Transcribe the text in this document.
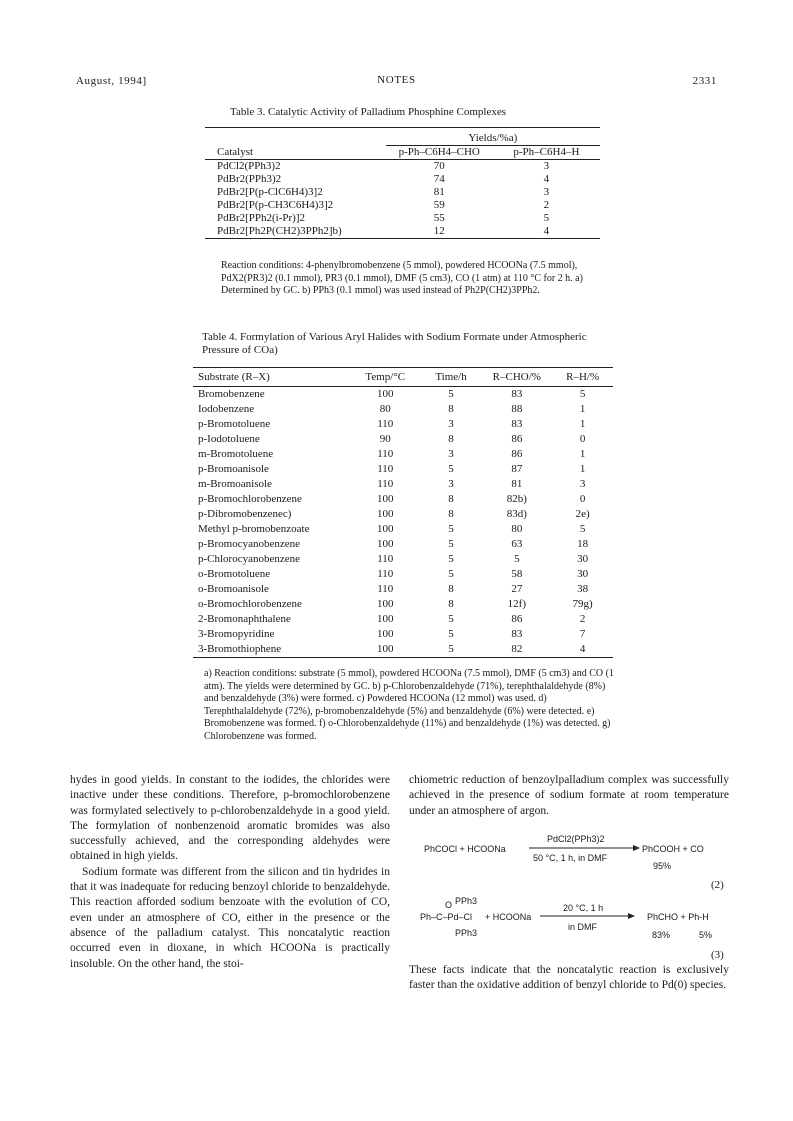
August, 1994]	NOTES	2331
Table 3. Catalytic Activity of Palladium Phosphine Complexes

	Yields/%a)	
Catalyst	p-Ph–C6H4–CHO	p-Ph–C6H4–H
PdCl2(PPh3)2	70	3
PdBr2(PPh3)2	74	4
PdBr2[P(p-ClC6H4)3]2	81	3
PdBr2[P(p-CH3C6H4)3]2	59	2
PdBr2[PPh2(i-Pr)]2	55	5
PdBr2[Ph2P(CH2)3PPh2]b)	12	4
Reaction conditions: 4-phenylbromobenzene (5 mmol), powdered HCOONa (7.5 mmol), PdX2(PR3)2 (0.1 mmol), PR3 (0.1 mmol), DMF (5 cm3), CO (1 atm) at 110 °C for 2 h. a) Determined by GC. b) PPh3 (0.1 mmol) was used instead of Ph2P(CH2)3PPh2.
Table 4. Formylation of Various Aryl Halides with Sodium Formate under Atmospheric Pressure of COa)
Substrate (R–X)	Temp/°C	Time/h	R–CHO/%	R–H/%
Bromobenzene	100	5	83	5
Iodobenzene	80	8	88	1
p-Bromotoluene	110	3	83	1
p-Iodotoluene	90	8	86	0
m-Bromotoluene	110	3	86	1
p-Bromoanisole	110	5	87	1
m-Bromoanisole	110	3	81	3
p-Bromochlorobenzene	100	8	82b)	0
p-Dibromobenzenec)	100	8	83d)	2e)
Methyl p-bromobenzoate	100	5	80	5
p-Bromocyanobenzene	100	5	63	18
p-Chlorocyanobenzene	110	5	5	30
o-Bromotoluene	110	5	58	30
o-Bromoanisole	110	8	27	38
o-Bromochlorobenzene	100	8	12f)	79g)
2-Bromonaphthalene	100	5	86	2
3-Bromopyridine	100	5	83	7
3-Bromothiophene	100	5	82	4
a) Reaction conditions: substrate (5 mmol), powdered HCOONa (7.5 mmol), DMF (5 cm3) and CO (1 atm). The yields were determined by GC. b) p-Chlorobenzaldehyde (71%), terephthalaldehyde (8%) and benzaldehyde (3%) were formed. c) Powdered HCOONa (12 mmol) was used. d) Terephthalaldehyde (72%), p-bromobenzaldehyde (5%) and benzaldehyde (6%) were detected. e) Bromobenzene was formed. f) o-Chlorobenzaldehyde (11%) and benzaldehyde (1%) was detected. g) Chlorobenzene was formed.

hydes in good yields. In constant to the iodides, the chlorides were inactive under these conditions. Therefore, p-bromochlorobenzene was formylated selectively to p-chlorobenzaldehyde in a good yield. The formylation of nonbenzenoid aromatic bromides was also successfully achieved, and the corresponding aldehydes were obtained in high yields.

Sodium formate was different from the silicon and tin hydrides in that it was inadequate for reducing benzoyl chloride to benzaldehyde. This reaction afforded sodium benzoate with the evolution of CO, even under an atmosphere of CO, either in the presence or the absence of the palladium catalyst. This noncatalytic reaction occurred even in dioxane, in which HCOONa is practically insoluble. On the other hand, the stoi-

chiometric reduction of benzoylpalladium complex was successfully achieved in the presence of sodium formate at room temperature under an atmosphere of argon.
PhCOCl + HCOONa
PdCl2(PPh3)2
50 °C, 1 h, in DMF
PhCOOH + CO
95%
(2)
O PPh3
Ph–C–Pd–Cl
PPh3
+ HCOONa
20 °C, 1 h
in DMF
PhCHO + Ph-H
83%	5%
(3)
These facts indicate that the noncatalytic reaction is exclusively faster than the oxidative addition of benzyl chloride to Pd(0) species.
